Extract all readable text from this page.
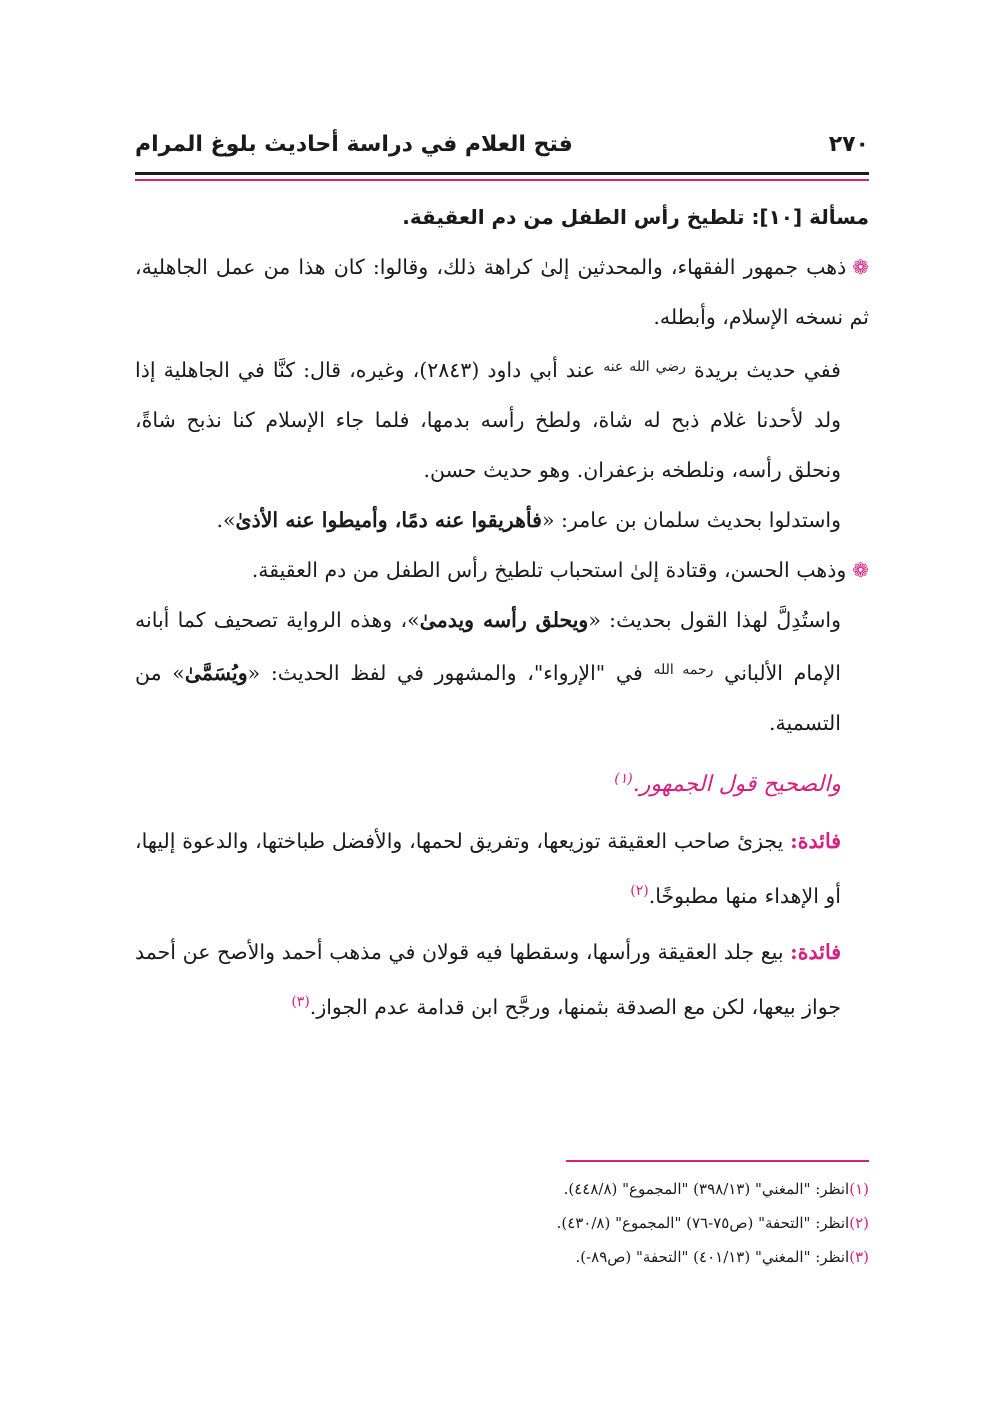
٢٧٠
فتح العلام في دراسة أحاديث بلوغ المرام

مسألة [١٠]: تلطيخ رأس الطفل من دم العقيقة.

❁ذهب جمهور الفقهاء، والمحدثين إلىٰ كراهة ذلك، وقالوا: كان هذا من عمل الجاهلية، ثم نسخه الإسلام، وأبطله.

ففي حديث بريدة $^{رضي الله عنه}$ عند أبي داود (٢٨٤٣)، وغيره، قال: كنَّا في الجاهلية إذا ولد لأحدنا غلام ذبح له شاة، ولطخ رأسه بدمها، فلما جاء الإسلام كنا نذبح شاةً، ونحلق رأسه، ونلطخه بزعفران. وهو حديث حسن.

واستدلوا بحديث سلمان بن عامر: «فأهريقوا عنه دمًا، وأميطوا عنه الأذىٰ».

❁وذهب الحسن، وقتادة إلىٰ استحباب تلطيخ رأس الطفل من دم العقيقة.

واستُدِلَّ لهذا القول بحديث: «ويحلق رأسه ويدمىٰ»، وهذه الرواية تصحيف كما أبانه الإمام الألباني $^{رحمه الله}$ في "الإرواء"، والمشهور في لفظ الحديث: «ويُسَمَّىٰ» من التسمية.

والصحيح قول الجمهور.$^{(١)}$

فائدة: يجزئ صاحب العقيقة توزيعها، وتفريق لحمها، والأفضل طباختها، والدعوة إليها، أو الإهداء منها مطبوخًا.$^{(٢)}$

فائدة: بيع جلد العقيقة ورأسها، وسقطها فيه قولان في مذهب أحمد والأصح عن أحمد جواز بيعها، لكن مع الصدقة بثمنها، ورجَّح ابن قدامة عدم الجواز.$^{(٣)}$

(١)انظر: "المغني" (٣٩٨/١٣) "المجموع" (٤٤٨/٨).

(٢)انظر: "التحفة" (ص٧٥-٧٦) "المجموع" (٤٣٠/٨).

(٣)انظر: "المغني" (٤٠١/١٣) "التحفة" (ص٨٩-).
